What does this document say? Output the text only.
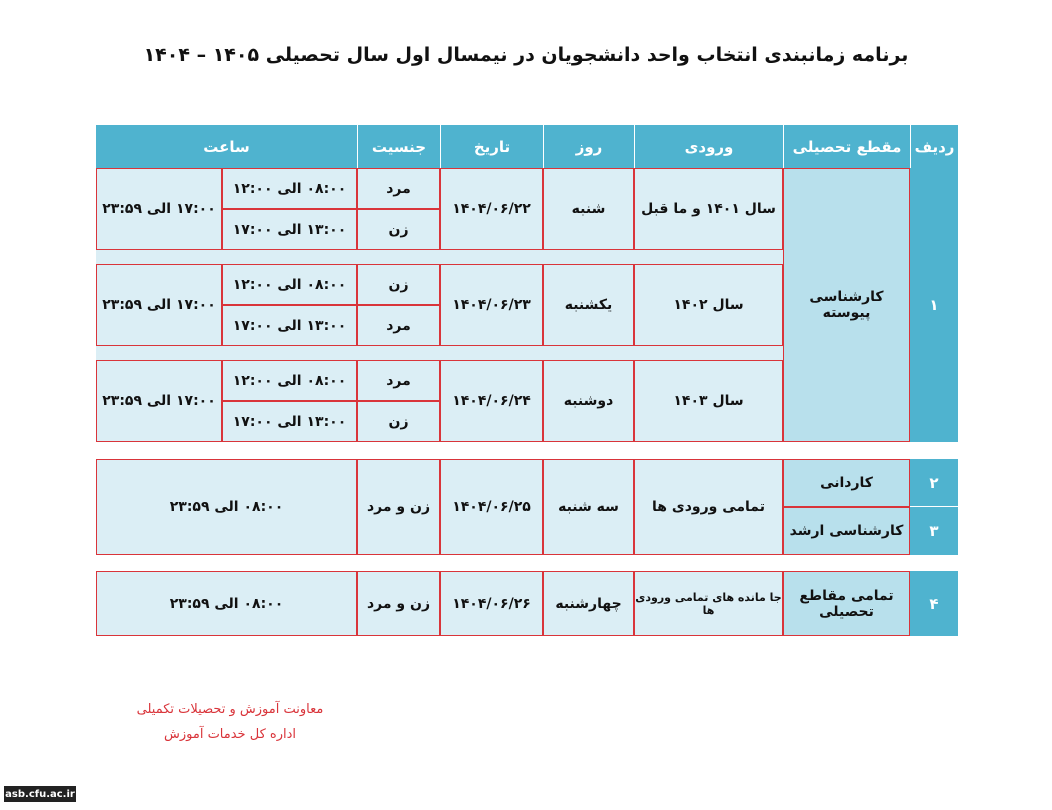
برنامه زمانبندی انتخاب واحد دانشجویان در نیمسال اول سال تحصیلی ۱۴۰۵ – ۱۴۰۴
ردیف
مقطع تحصیلی
ورودی
روز
تاریخ
جنسیت
ساعت
۱
کارشناسی پیوسته
سال ۱۴۰۱ و ما قبل
شنبه
۱۴۰۴/۰۶/۲۲
مرد
زن
۰۸:۰۰ الی ۱۲:۰۰
۱۳:۰۰ الی ۱۷:۰۰
۱۷:۰۰ الی ۲۳:۵۹
سال ۱۴۰۲
یکشنبه
۱۴۰۴/۰۶/۲۳
زن
مرد
۰۸:۰۰ الی ۱۲:۰۰
۱۳:۰۰ الی ۱۷:۰۰
۱۷:۰۰ الی ۲۳:۵۹
سال ۱۴۰۳
دوشنبه
۱۴۰۴/۰۶/۲۴
مرد
زن
۰۸:۰۰ الی ۱۲:۰۰
۱۳:۰۰ الی ۱۷:۰۰
۱۷:۰۰ الی ۲۳:۵۹
۲
۳
کاردانی
کارشناسی ارشد
تمامی ورودی ها
سه شنبه
۱۴۰۴/۰۶/۲۵
زن و مرد
۰۸:۰۰ الی ۲۳:۵۹
۴
تمامی مقاطع تحصیلی
جا مانده های تمامی ورودی ها
چهارشنبه
۱۴۰۴/۰۶/۲۶
زن و مرد
۰۸:۰۰ الی ۲۳:۵۹
معاونت آموزش و تحصیلات تکمیلی
اداره کل خدمات آموزش
asb.cfu.ac.ir
